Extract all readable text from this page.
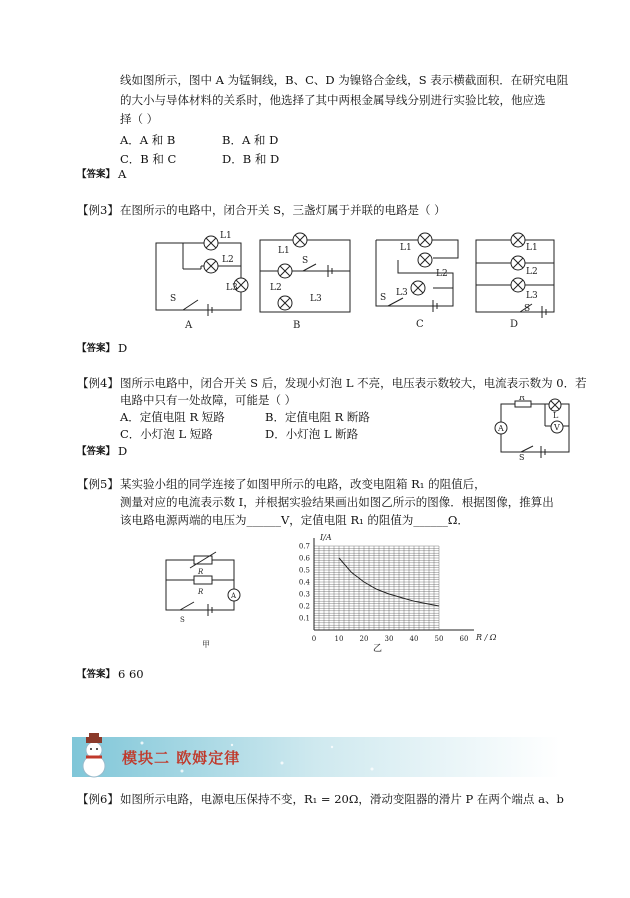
线如图所示，图中 A 为锰铜线，B、C、D 为镍铬合金线，S 表示横截面积．在研究电阻
的大小与导体材料的关系时，他选择了其中两根金属导线分别进行实验比较，他应选
择（ ）
A．A 和 B	B．A 和 D
C．B 和 C	D．B 和 D
【答案】 A
【例3】 在图所示的电路中，闭合开关 S，三盏灯属于并联的电路是（ ）
L1
L2
L3
S
L1
S
L2
L3
L1
L2
L3
S
L1
L2
L3
S
A	B	C	D
【答案】 D
【例4】 图所示电路中，闭合开关 S 后，发现小灯泡 L 不亮，电压表示数较大，电流表示数为 0．若
电路中只有一处故障，可能是（ ）
A．定值电阻 R 短路	B．定值电阻 R 断路
C．小灯泡 L 短路	D．小灯泡 L 断路
【答案】 D
R
L
V
A
S
【例5】 某实验小组的同学连接了如图甲所示的电路，改变电阻箱 R₁ 的阻值后，
测量对应的电流表示数 I，并根据实验结果画出如图乙所示的图像．根据图像，推算出
该电路电源两端的电压为______V，定值电阻 R₁ 的阻值为______Ω．
R
R	A
S
甲
0	10 20 30 40 50 60
0.1
0.2
0.3
0.4
0.5
0.6
0.7
I/A
R / Ω
乙
【答案】 6 60
模块二 欧姆定律
【例6】 如图所示电路，电源电压保持不变，R₁ = 20Ω，滑动变阻器的滑片 P 在两个端点 a、b
